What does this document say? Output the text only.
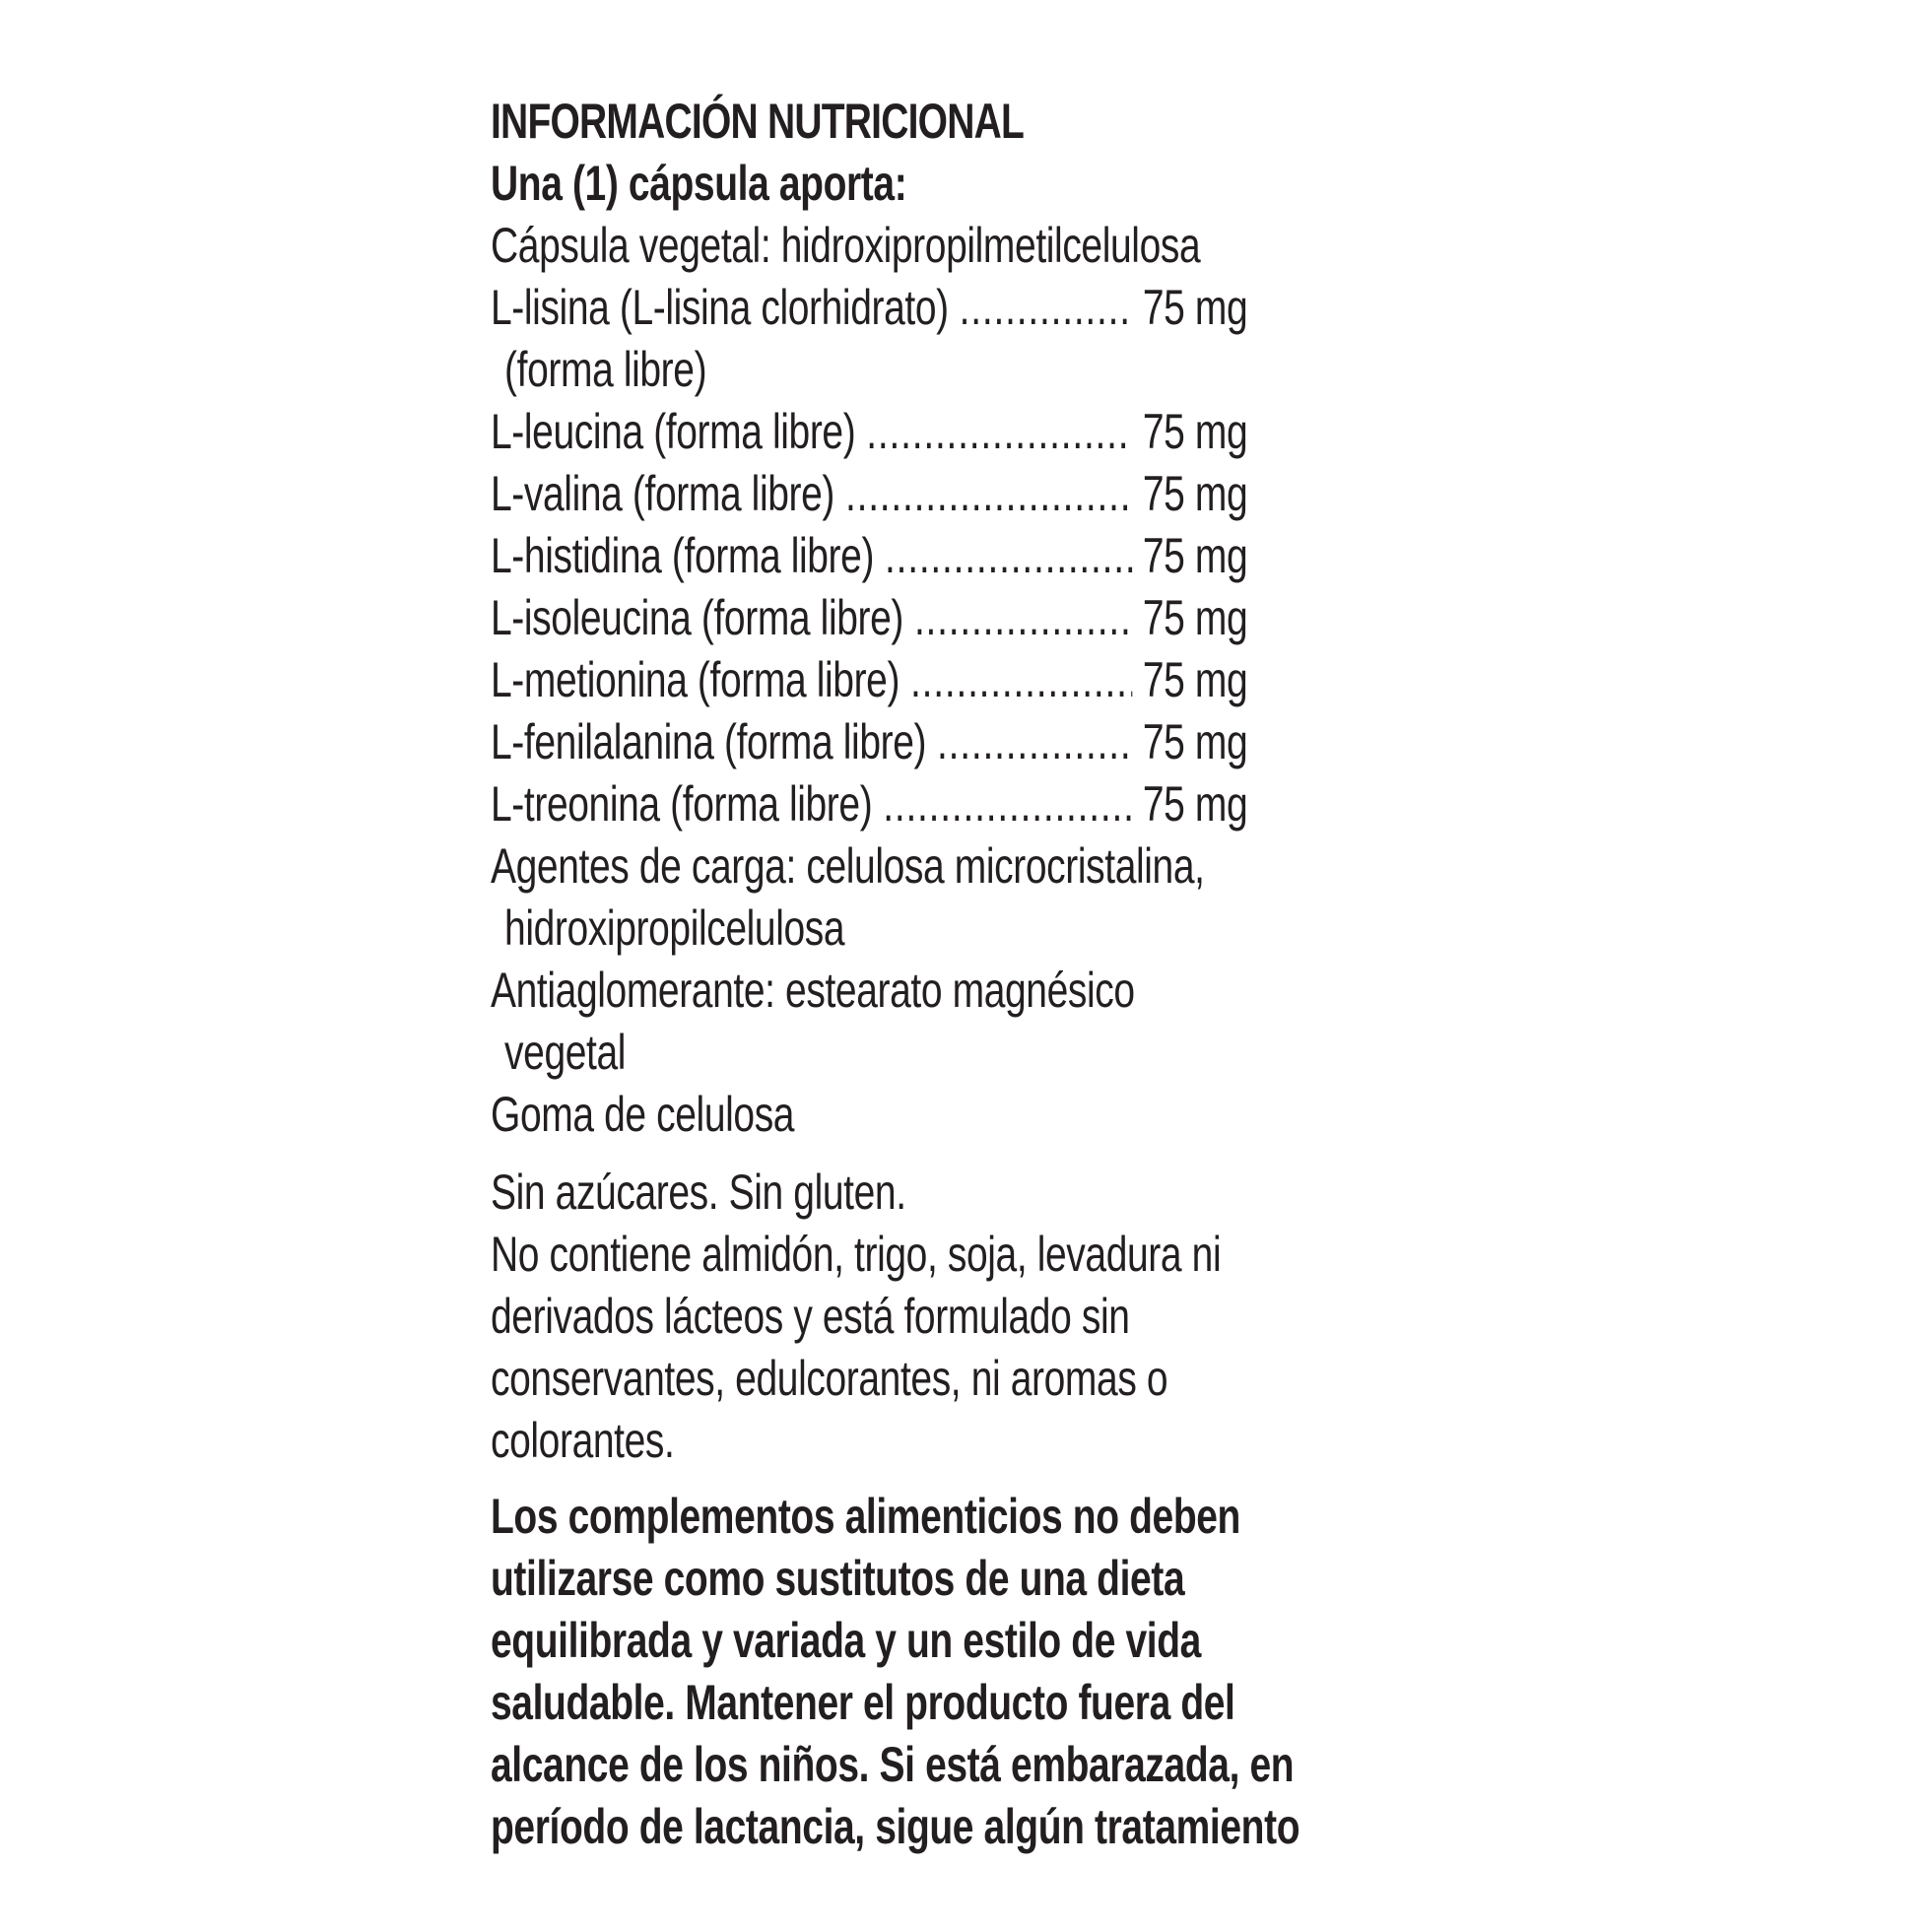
INFORMACIÓN NUTRICIONAL
Una (1) cápsula aporta:
Cápsula vegetal: hidroxipropilmetilcelulosa
L-lisina (L-lisina clorhidrato) .....	75 mg
(forma libre)
L-leucina (forma libre) .....	75 mg
L-valina (forma libre) .....	75 mg
L-histidina (forma libre) .....	75 mg
L-isoleucina (forma libre) .....	75 mg
L-metionina (forma libre) .....	75 mg
L-fenilalanina (forma libre) .....	75 mg
L-treonina (forma libre) .....	75 mg
Agentes de carga: celulosa microcristalina,
hidroxipropilcelulosa
Antiaglomerante: estearato magnésico
vegetal
Goma de celulosa
Sin azúcares. Sin gluten.
No contiene almidón, trigo, soja, levadura ni
derivados lácteos y está formulado sin
conservantes, edulcorantes, ni aromas o
colorantes.
Los complementos alimenticios no deben
utilizarse como sustitutos de una dieta
equilibrada y variada y un estilo de vida
saludable. Mantener el producto fuera del
alcance de los niños. Si está embarazada, en
período de lactancia, sigue algún tratamiento
